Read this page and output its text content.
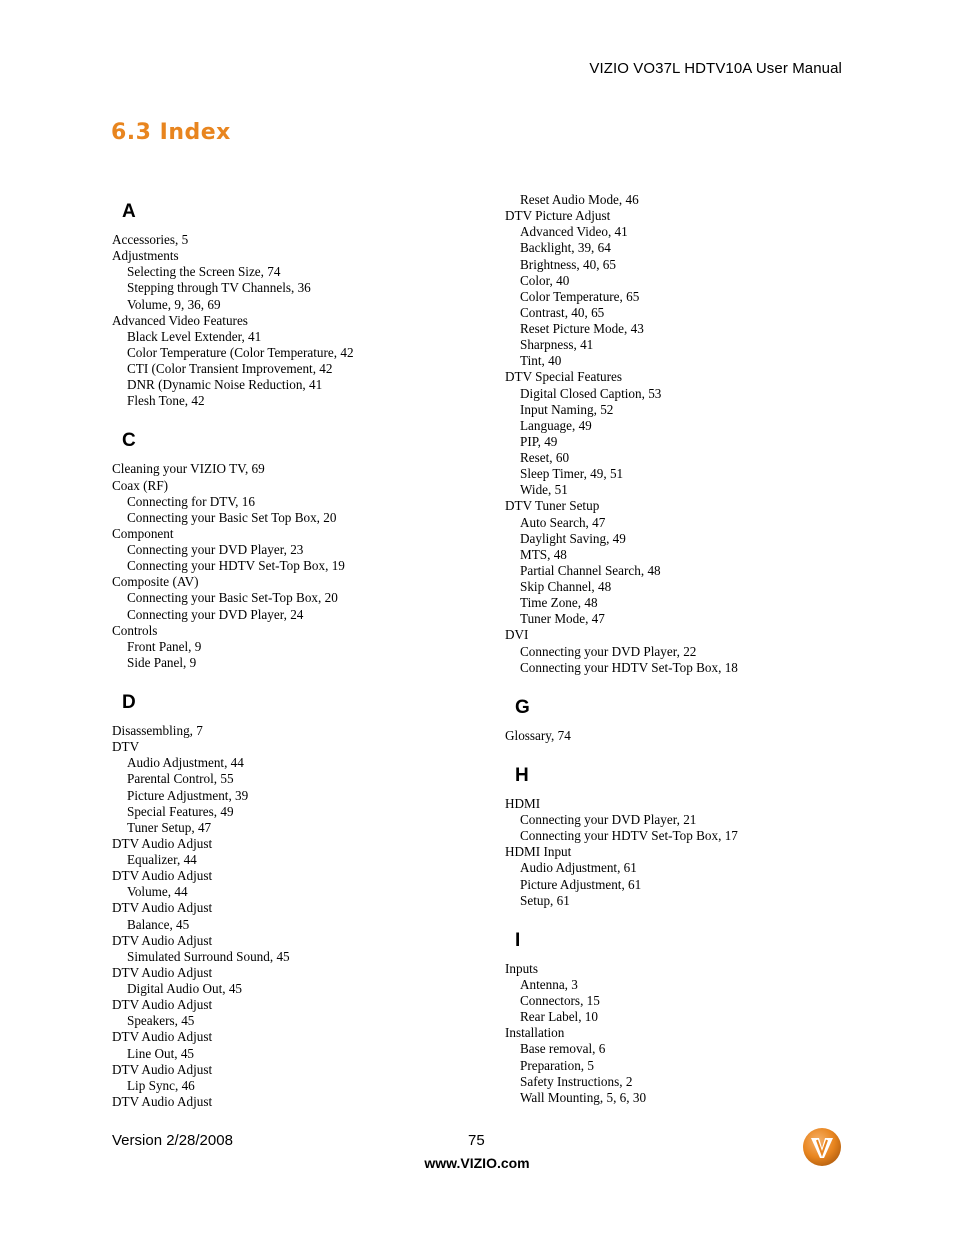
VIZIO VO37L HDTV10A User Manual
6.3 Index
A
Accessories, 5
Adjustments
Selecting the Screen Size, 74
Stepping through TV Channels, 36
Volume, 9, 36, 69
Advanced Video Features
Black Level Extender, 41
Color Temperature (Color Temperature, 42
CTI (Color Transient Improvement, 42
DNR (Dynamic Noise Reduction, 41
Flesh Tone, 42
C
Cleaning your VIZIO TV, 69
Coax (RF)
Connecting for DTV, 16
Connecting your Basic Set Top Box, 20
Component
Connecting your DVD Player, 23
Connecting your HDTV Set-Top Box, 19
Composite (AV)
Connecting your Basic Set-Top Box, 20
Connecting your DVD Player, 24
Controls
Front Panel, 9
Side Panel, 9
D
Disassembling, 7
DTV
Audio Adjustment, 44
Parental Control, 55
Picture Adjustment, 39
Special Features, 49
Tuner Setup, 47
DTV Audio Adjust
Equalizer, 44
DTV Audio Adjust
Volume, 44
DTV Audio Adjust
Balance, 45
DTV Audio Adjust
Simulated Surround Sound, 45
DTV Audio Adjust
Digital Audio Out, 45
DTV Audio Adjust
Speakers, 45
DTV Audio Adjust
Line Out, 45
DTV Audio Adjust
Lip Sync, 46
DTV Audio Adjust
Reset Audio Mode, 46
DTV Picture Adjust
Advanced Video, 41
Backlight, 39, 64
Brightness, 40, 65
Color, 40
Color Temperature, 65
Contrast, 40, 65
Reset Picture Mode, 43
Sharpness, 41
Tint, 40
DTV Special Features
Digital Closed Caption, 53
Input Naming, 52
Language, 49
PIP, 49
Reset, 60
Sleep Timer, 49, 51
Wide, 51
DTV Tuner Setup
Auto Search, 47
Daylight Saving, 49
MTS, 48
Partial Channel Search, 48
Skip Channel, 48
Time Zone, 48
Tuner Mode, 47
DVI
Connecting your DVD Player, 22
Connecting your HDTV Set-Top Box, 18
G
Glossary, 74
H
HDMI
Connecting your DVD Player, 21
Connecting your HDTV Set-Top Box, 17
HDMI Input
Audio Adjustment, 61
Picture Adjustment, 61
Setup, 61
I
Inputs
Antenna, 3
Connectors, 15
Rear Label, 10
Installation
Base removal, 6
Preparation, 5
Safety Instructions, 2
Wall Mounting, 5, 6, 30
Version 2/28/2008	75
www.VIZIO.com
